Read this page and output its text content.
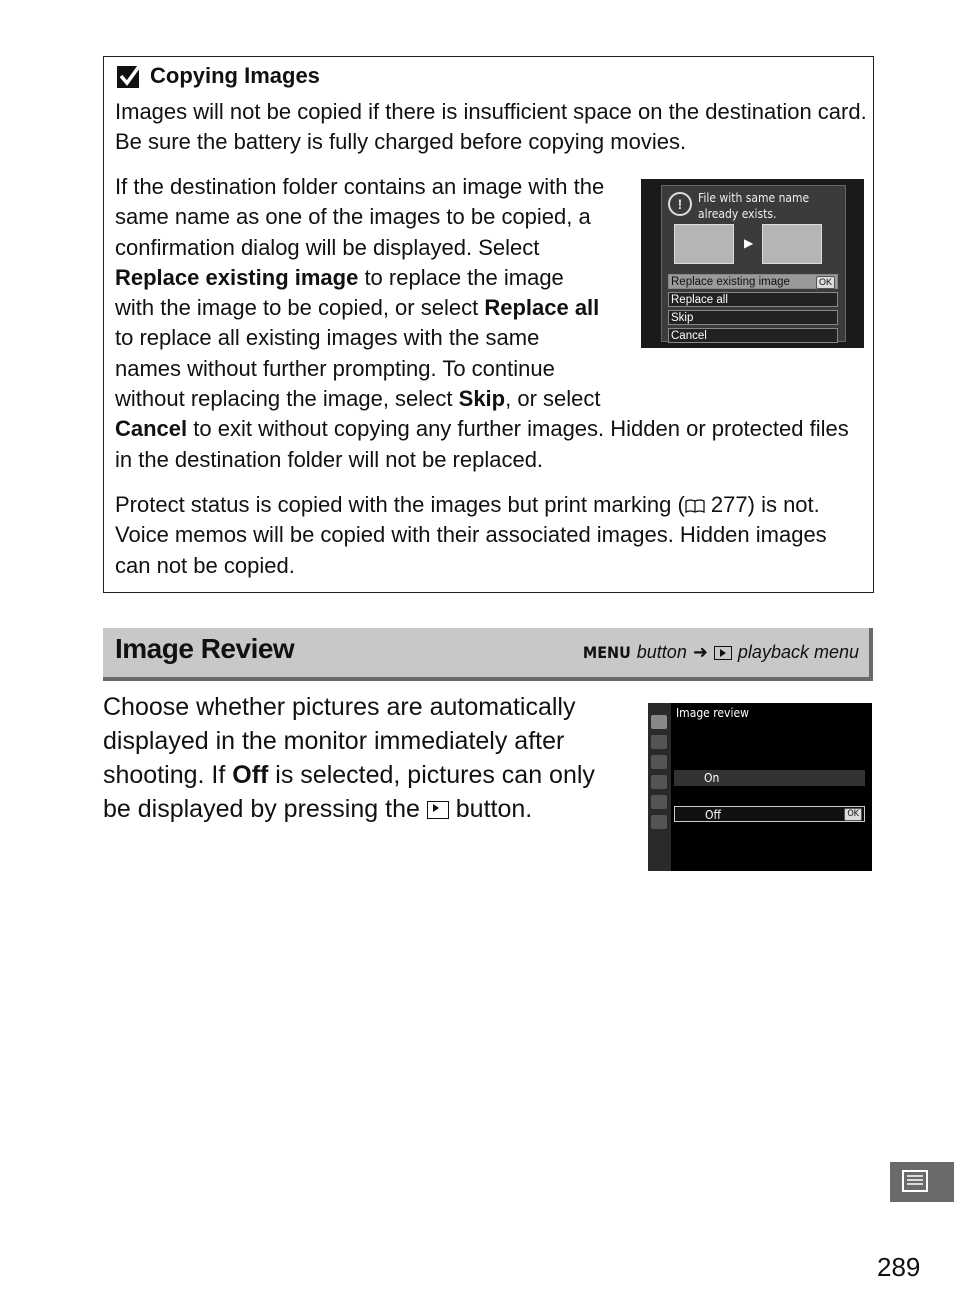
Copying Images
Images will not be copied if there is insufficient space on the destination card. Be sure the battery is fully charged before copying movies.
If the destination folder contains an image with the same name as one of the images to be copied, a confirmation dialog will be displayed. Select Replace existing image to replace the image with the image to be copied, or select Replace all to replace all existing images with the same names without further prompting. To continue without replacing the image, select Skip, or select Cancel to exit without copying any further images. Hidden or protected files in the destination folder will not be replaced.
Protect status is copied with the images but print marking ( 277) is not. Voice memos will be copied with their associated images. Hidden images can not be copied.
!	File with same name already exists.
▶
Replace existing image	OK
Replace all
Skip
Cancel
Image Review	MENU button ➜ playback menu
Choose whether pictures are automatically displayed in the monitor immediately after shooting. If Off is selected, pictures can only be displayed by pressing the  button.
Image review
On
Off	OK
289
